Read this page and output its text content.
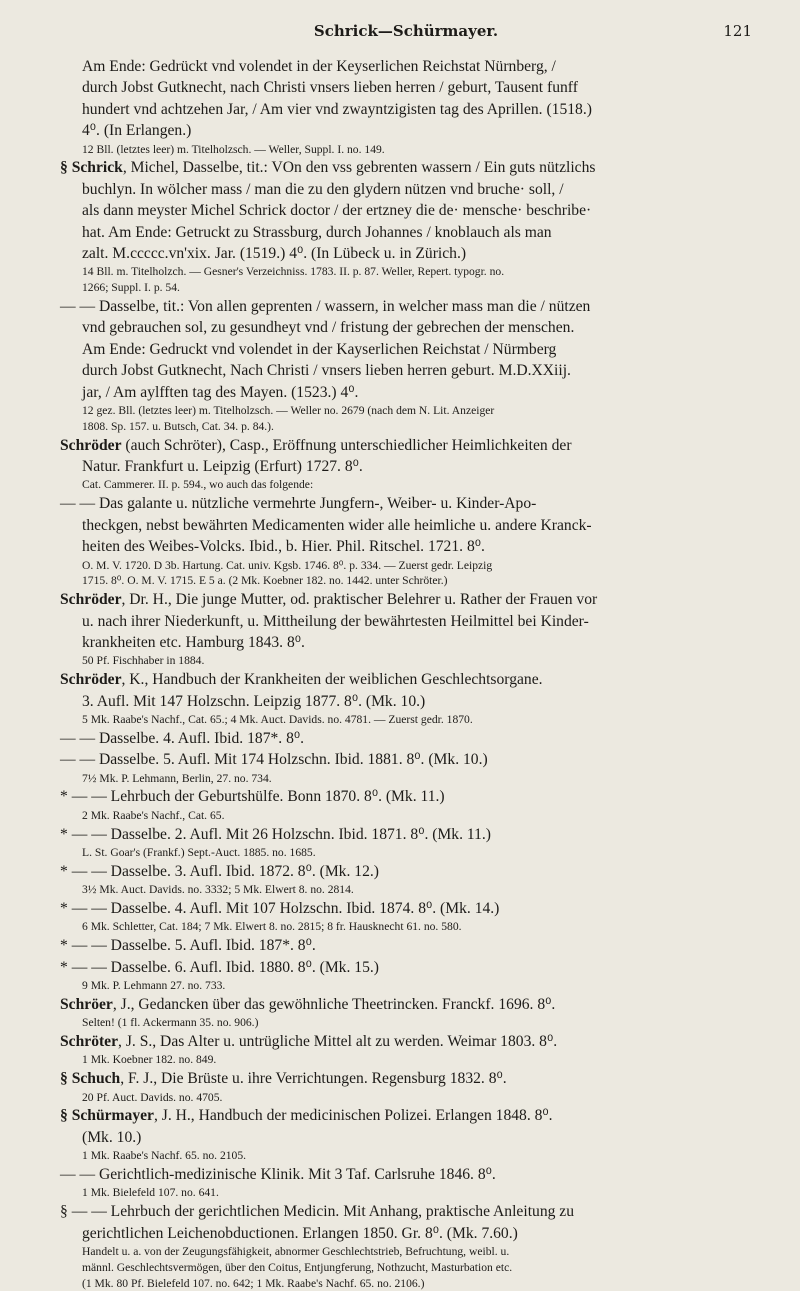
Schrick—Schürmayer.	121

Am Ende: Gedrückt vnd volendet in der Keyserlichen Reichstat Nürnberg, /

durch Jobst Gutknecht, nach Christi vnsers lieben herren / geburt, Tausent funff

hundert vnd achtzehen Jar, / Am vier vnd zwayntzigisten tag des Aprillen. (1518.)

4⁰. (In Erlangen.)

12 Bll. (letztes leer) m. Titelholzsch. — Weller, Suppl. I. no. 149.

§ Schrick, Michel, Dasselbe, tit.: VOn den vss gebrenten wassern / Ein guts nützlichs

buchlyn. In wölcher mass / man die zu den glydern nützen vnd bruche· soll, /

als dann meyster Michel Schrick doctor / der ertzney die de· mensche· beschribe·

hat. Am Ende: Getruckt zu Strassburg, durch Johannes / knoblauch als man

zalt. M.ccccc.vn'xix. Jar. (1519.) 4⁰. (In Lübeck u. in Zürich.)

14 Bll. m. Titelholzch. — Gesner's Verzeichniss. 1783. II. p. 87. Weller, Repert. typogr. no.

1266; Suppl. I. p. 54.

— — Dasselbe, tit.: Von allen geprenten / wassern, in welcher mass man die / nützen

vnd gebrauchen sol, zu gesundheyt vnd / fristung der gebrechen der menschen.

Am Ende: Gedruckt vnd volendet in der Kayserlichen Reichstat / Nürmberg

durch Jobst Gutknecht, Nach Christi / vnsers lieben herren geburt. M.D.XXiij.

jar, / Am aylfften tag des Mayen. (1523.) 4⁰.

12 gez. Bll. (letztes leer) m. Titelholzsch. — Weller no. 2679 (nach dem N. Lit. Anzeiger

1808. Sp. 157. u. Butsch, Cat. 34. p. 84.).

Schröder (auch Schröter), Casp., Eröffnung unterschiedlicher Heimlichkeiten der

Natur. Frankfurt u. Leipzig (Erfurt) 1727. 8⁰.

Cat. Cammerer. II. p. 594., wo auch das folgende:

— — Das galante u. nützliche vermehrte Jungfern-, Weiber- u. Kinder-Apo-

theckgen, nebst bewährten Medicamenten wider alle heimliche u. andere Kranck-

heiten des Weibes-Volcks. Ibid., b. Hier. Phil. Ritschel. 1721. 8⁰.

O. M. V. 1720. D 3b. Hartung. Cat. univ. Kgsb. 1746. 8⁰. p. 334. — Zuerst gedr. Leipzig

1715. 8⁰. O. M. V. 1715. E 5 a. (2 Mk. Koebner 182. no. 1442. unter Schröter.)

Schröder, Dr. H., Die junge Mutter, od. praktischer Belehrer u. Rather der Frauen vor

u. nach ihrer Niederkunft, u. Mittheilung der bewährtesten Heilmittel bei Kinder-

krankheiten etc. Hamburg 1843. 8⁰.

50 Pf. Fischhaber in 1884.

Schröder, K., Handbuch der Krankheiten der weiblichen Geschlechtsorgane.

3. Aufl. Mit 147 Holzschn. Leipzig 1877. 8⁰. (Mk. 10.)

5 Mk. Raabe's Nachf., Cat. 65.; 4 Mk. Auct. Davids. no. 4781. — Zuerst gedr. 1870.

— — Dasselbe. 4. Aufl. Ibid. 187*. 8⁰.

— — Dasselbe. 5. Aufl. Mit 174 Holzschn. Ibid. 1881. 8⁰. (Mk. 10.)

7½ Mk. P. Lehmann, Berlin, 27. no. 734.

* — — Lehrbuch der Geburtshülfe. Bonn 1870. 8⁰. (Mk. 11.)

2 Mk. Raabe's Nachf., Cat. 65.

* — — Dasselbe. 2. Aufl. Mit 26 Holzschn. Ibid. 1871. 8⁰. (Mk. 11.)

L. St. Goar's (Frankf.) Sept.-Auct. 1885. no. 1685.

* — — Dasselbe. 3. Aufl. Ibid. 1872. 8⁰. (Mk. 12.)

3½ Mk. Auct. Davids. no. 3332; 5 Mk. Elwert 8. no. 2814.

* — — Dasselbe. 4. Aufl. Mit 107 Holzschn. Ibid. 1874. 8⁰. (Mk. 14.)

6 Mk. Schletter, Cat. 184; 7 Mk. Elwert 8. no. 2815; 8 fr. Hausknecht 61. no. 580.

* — — Dasselbe. 5. Aufl. Ibid. 187*. 8⁰.

* — — Dasselbe. 6. Aufl. Ibid. 1880. 8⁰. (Mk. 15.)

9 Mk. P. Lehmann 27. no. 733.

Schröer, J., Gedancken über das gewöhnliche Theetrincken. Franckf. 1696. 8⁰.

Selten! (1 fl. Ackermann 35. no. 906.)

Schröter, J. S., Das Alter u. untrügliche Mittel alt zu werden. Weimar 1803. 8⁰.

1 Mk. Koebner 182. no. 849.

§ Schuch, F. J., Die Brüste u. ihre Verrichtungen. Regensburg 1832. 8⁰.

20 Pf. Auct. Davids. no. 4705.

§ Schürmayer, J. H., Handbuch der medicinischen Polizei. Erlangen 1848. 8⁰.

(Mk. 10.)

1 Mk. Raabe's Nachf. 65. no. 2105.

— — Gerichtlich-medizinische Klinik. Mit 3 Taf. Carlsruhe 1846. 8⁰.

1 Mk. Bielefeld 107. no. 641.

§ — — Lehrbuch der gerichtlichen Medicin. Mit Anhang, praktische Anleitung zu

gerichtlichen Leichenobductionen. Erlangen 1850. Gr. 8⁰. (Mk. 7.60.)

Handelt u. a. von der Zeugungsfähigkeit, abnormer Geschlechtstrieb, Befruchtung, weibl. u.

männl. Geschlechtsvermögen, über den Coitus, Entjungferung, Nothzucht, Masturbation etc.

(1 Mk. 80 Pf. Bielefeld 107. no. 642; 1 Mk. Raabe's Nachf. 65. no. 2106.)
